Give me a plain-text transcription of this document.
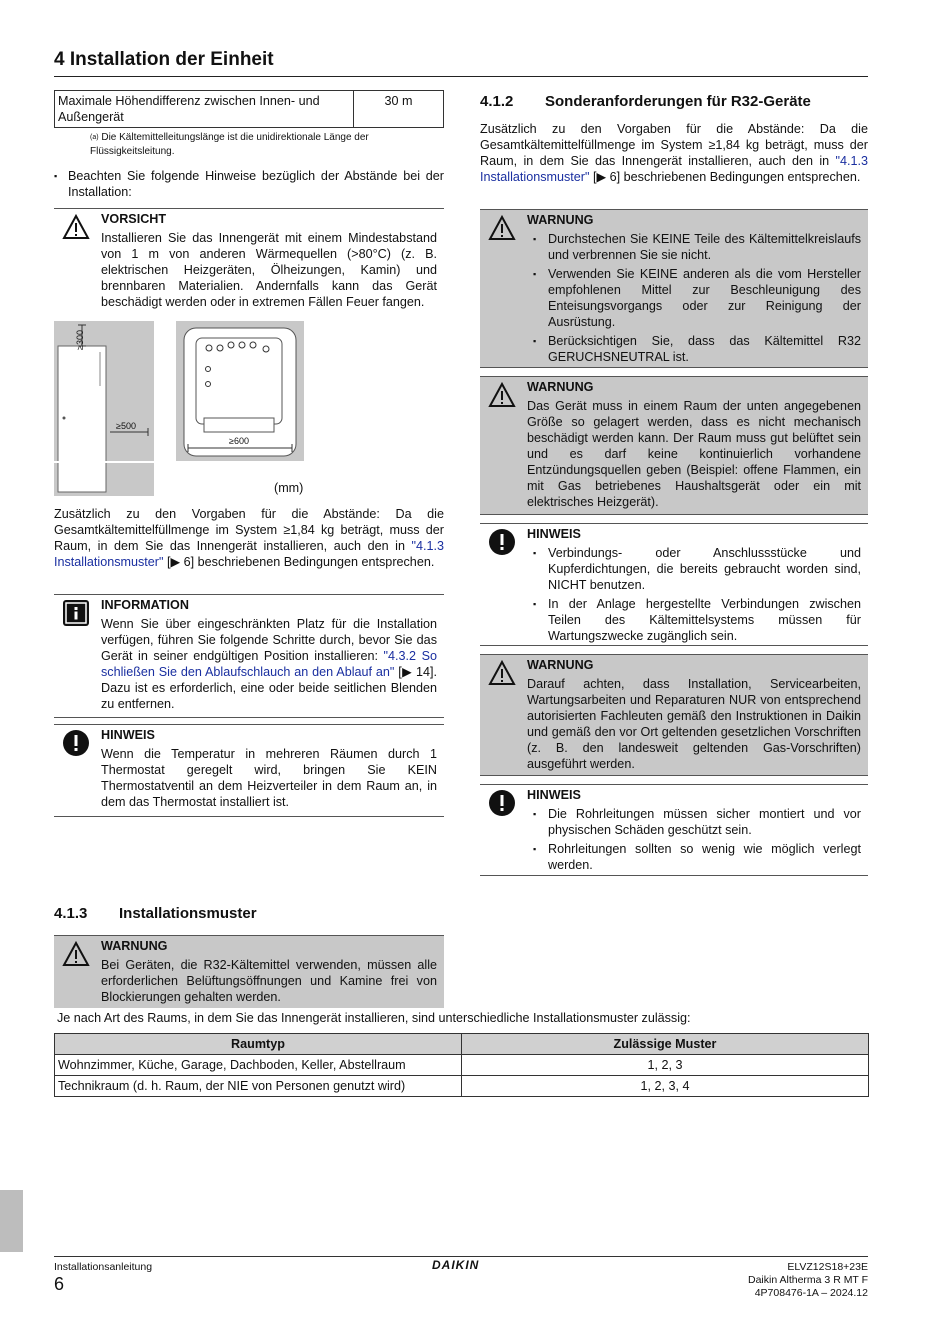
4 Installation der Einheit
Maximale Höhendifferenz zwischen Innen- und Außengerät	30 m
$^{(a)}$ Die Kältemittelleitungslänge ist die unidirektionale Länge der Flüssigkeitsleitung.
▪ Beachten Sie folgende Hinweise bezüglich der Abstände bei der Installation:
VORSICHT
Installieren Sie das Innengerät mit einem Mindestabstand von 1 m von anderen Wärmequellen (>80°C) (z. B. elektrischen Heizgeräten, Ölheizungen, Kamin) und brennbaren Materialien. Andernfalls kann das Gerät beschädigt werden oder in extremen Fällen Feuer fangen.
≥300
≥500
≥600
(mm)
Zusätzlich zu den Vorgaben für die Abstände: Da die Gesamtkältemittelfüllmenge im System ≥1,84 kg beträgt, muss der Raum, in dem Sie das Innengerät installieren, auch den in "4.1.3 Installationsmuster" [▶ 6] beschriebenen Bedingungen entsprechen.
INFORMATION
Wenn Sie über eingeschränkten Platz für die Installation verfügen, führen Sie folgende Schritte durch, bevor Sie das Gerät in seiner endgültigen Position installieren: "4.3.2 So schließen Sie den Ablaufschlauch an den Ablauf an" [▶ 14]. Dazu ist es erforderlich, eine oder beide seitlichen Blenden zu entfernen.
HINWEIS
Wenn die Temperatur in mehreren Räumen durch 1 Thermostat geregelt wird, bringen Sie KEIN Thermostatventil an dem Heizverteiler in dem Raum an, in dem das Thermostat installiert ist.
4.1.2 Sonderanforderungen für R32-Geräte
Zusätzlich zu den Vorgaben für die Abstände: Da die Gesamtkältemittelfüllmenge im System ≥1,84 kg beträgt, muss der Raum, in dem Sie das Innengerät installieren, auch den in "4.1.3 Installationsmuster" [▶ 6] beschriebenen Bedingungen entsprechen.
WARNUNG
▪ Durchstechen Sie KEINE Teile des Kältemittelkreislaufs und verbrennen Sie sie nicht.
▪ Verwenden Sie KEINE anderen als die vom Hersteller empfohlenen Mittel zur Beschleunigung des Enteisungsvorgangs oder zur Reinigung der Ausrüstung.
▪ Berücksichtigen Sie, dass das Kältemittel R32 GERUCHSNEUTRAL ist.
WARNUNG
Das Gerät muss in einem Raum der unten angegebenen Größe so gelagert werden, dass es nicht mechanisch beschädigt werden kann. Der Raum muss gut belüftet sein und es darf keine kontinuierlich vorhandene Entzündungsquellen geben (Beispiel: offene Flammen, ein mit Gas betriebenes Haushaltsgerät oder ein mit elektrisches Heizgerät).
HINWEIS
▪ Verbindungs- oder Anschlussstücke und Kupferdichtungen, die bereits gebraucht worden sind, NICHT benutzen.
▪ In der Anlage hergestellte Verbindungen zwischen Teilen des Kältemittelsystems müssen für Wartungszwecke zugänglich sein.
WARNUNG
Darauf achten, dass Installation, Servicearbeiten, Wartungsarbeiten und Reparaturen NUR von entsprechend autorisierten Fachleuten gemäß den Instruktionen in Daikin und gemäß den vor Ort geltenden gesetzlichen Vorschriften (z. B. den landesweit geltenden Gas-Vorschriften) ausgeführt werden.
HINWEIS
▪ Die Rohrleitungen müssen sicher montiert und vor physischen Schäden geschützt sein.
▪ Rohrleitungen sollten so wenig wie möglich verlegt werden.
4.1.3 Installationsmuster
WARNUNG
Bei Geräten, die R32-Kältemittel verwenden, müssen alle erforderlichen Belüftungsöffnungen und Kamine frei von Blockierungen gehalten werden.
Je nach Art des Raums, in dem Sie das Innengerät installieren, sind unterschiedliche Installationsmuster zulässig:
Raumtyp	Zulässige Muster
Wohnzimmer, Küche, Garage, Dachboden, Keller, Abstellraum	1, 2, 3
Technikraum (d. h. Raum, der NIE von Personen genutzt wird)	1, 2, 3, 4
Installationsanleitung
6
DAIKIN	ELVZ12S18+23E
Daikin Altherma 3 R MT F
4P708476-1A – 2024.12
